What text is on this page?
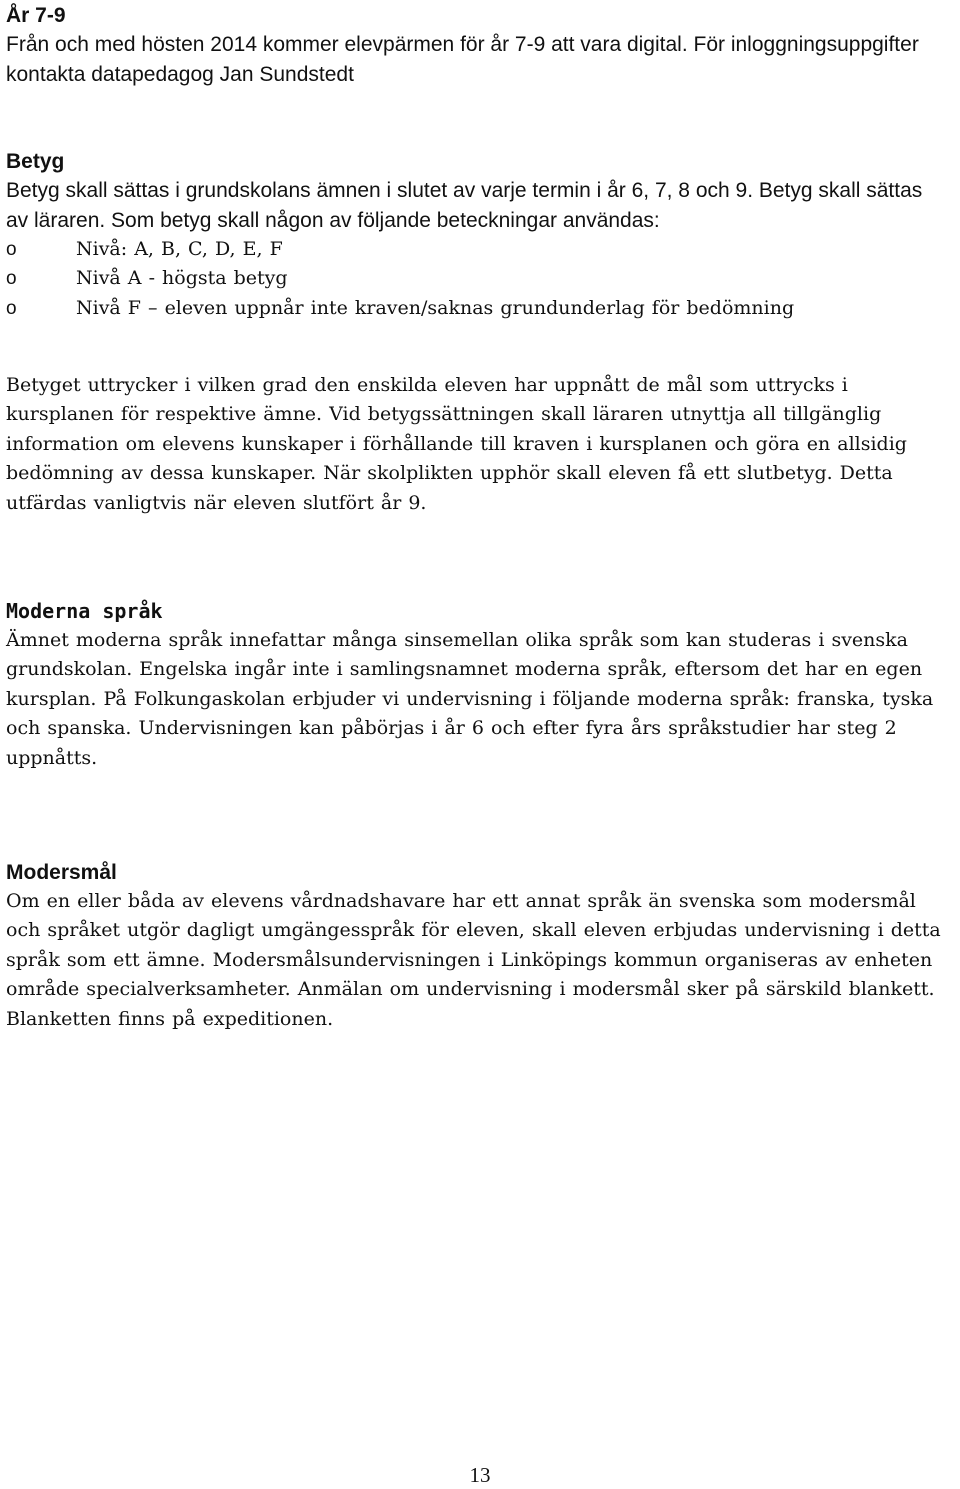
År 7-9

Från och med hösten 2014 kommer elevpärmen för år 7-9 att vara digital. För inloggningsuppgifter kontakta datapedagog Jan Sundstedt

Betyg

Betyg skall sättas i grundskolans ämnen i slutet av varje termin i år 6, 7, 8 och 9. Betyg skall sättas av läraren. Som betyg skall någon av följande beteckningar användas:

o	Nivå: A, B, C, D, E, F
o	Nivå A - högsta betyg
o	Nivå F – eleven uppnår inte kraven/saknas grundunderlag för bedömning

Betyget uttrycker i vilken grad den enskilda eleven har uppnått de mål som uttrycks i kursplanen för respektive ämne. Vid betygssättningen skall läraren utnyttja all tillgänglig information om elevens kunskaper i förhållande till kraven i kursplanen och göra en allsidig bedömning av dessa kunskaper. När skolplikten upphör skall eleven få ett slutbetyg. Detta utfärdas vanligtvis när eleven slutfört år 9.

Moderna språk

Ämnet moderna språk innefattar många sinsemellan olika språk som kan studeras i svenska grundskolan. Engelska ingår inte i samlingsnamnet moderna språk, eftersom det har en egen kursplan. På Folkungaskolan erbjuder vi undervisning i följande moderna språk: franska, tyska och spanska. Undervisningen kan påbörjas i år 6 och efter fyra års språkstudier har steg 2 uppnåtts.

Modersmål

Om en eller båda av elevens vårdnadshavare har ett annat språk än svenska som modersmål och språket utgör dagligt umgängesspråk för eleven, skall eleven erbjudas undervisning i detta språk som ett ämne. Modersmålsundervisningen i Linköpings kommun organiseras av enheten område specialverksamheter. Anmälan om undervisning i modersmål sker på särskild blankett. Blanketten finns på expeditionen.

13
